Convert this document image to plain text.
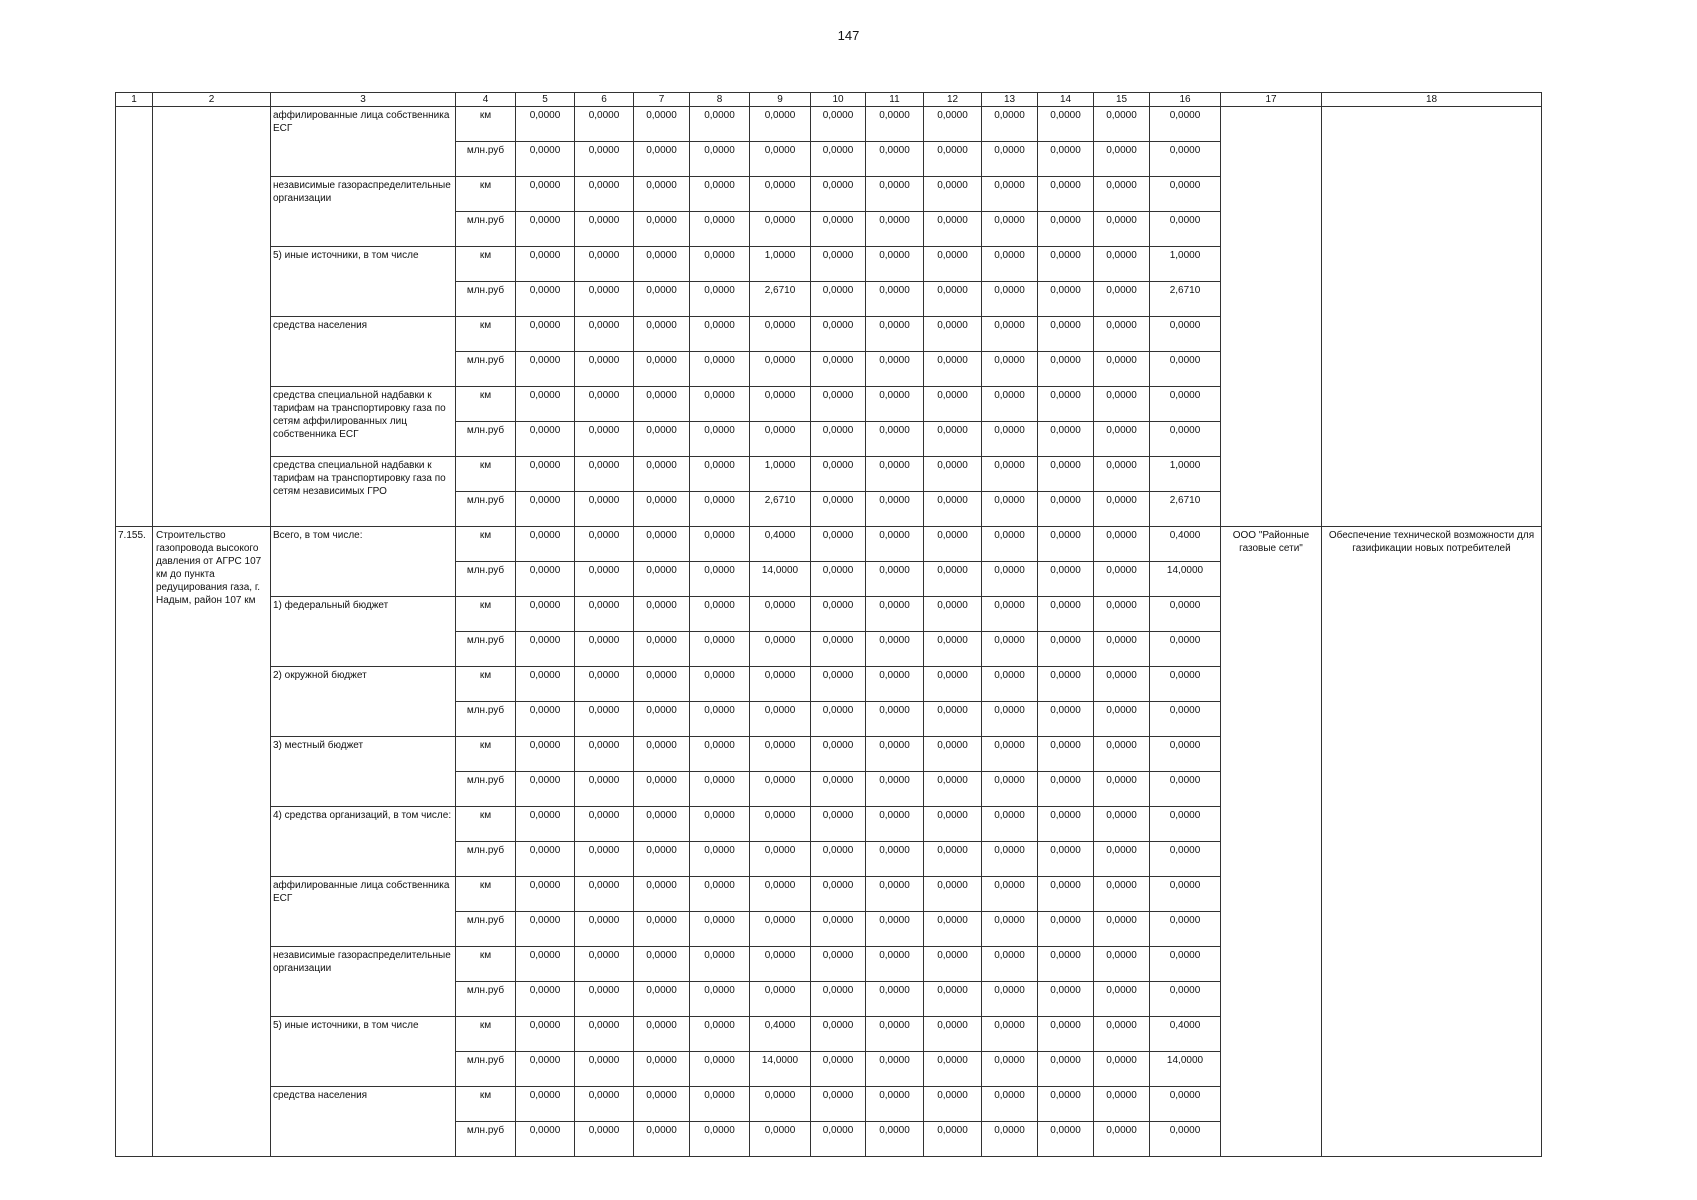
147
1	2	3	4	5	6	7	8	9	10	11	12	13	14	15	16	17	18
		аффилированные лица собственника ЕСГ	км	0,0000	0,0000	0,0000	0,0000	0,0000	0,0000	0,0000	0,0000	0,0000	0,0000	0,0000	0,0000		
			млн.руб	0,0000	0,0000	0,0000	0,0000	0,0000	0,0000	0,0000	0,0000	0,0000	0,0000	0,0000	0,0000		
		независимые газораспределительные организации	км	0,0000	0,0000	0,0000	0,0000	0,0000	0,0000	0,0000	0,0000	0,0000	0,0000	0,0000	0,0000		
			млн.руб	0,0000	0,0000	0,0000	0,0000	0,0000	0,0000	0,0000	0,0000	0,0000	0,0000	0,0000	0,0000		
		5) иные источники, в том числе	км	0,0000	0,0000	0,0000	0,0000	1,0000	0,0000	0,0000	0,0000	0,0000	0,0000	0,0000	1,0000		
			млн.руб	0,0000	0,0000	0,0000	0,0000	2,6710	0,0000	0,0000	0,0000	0,0000	0,0000	0,0000	2,6710		
		средства населения	км	0,0000	0,0000	0,0000	0,0000	0,0000	0,0000	0,0000	0,0000	0,0000	0,0000	0,0000	0,0000		
			млн.руб	0,0000	0,0000	0,0000	0,0000	0,0000	0,0000	0,0000	0,0000	0,0000	0,0000	0,0000	0,0000		
		средства специальной надбавки к тарифам на транспортировку газа по сетям аффилированных лиц собственника ЕСГ	км	0,0000	0,0000	0,0000	0,0000	0,0000	0,0000	0,0000	0,0000	0,0000	0,0000	0,0000	0,0000		
			млн.руб	0,0000	0,0000	0,0000	0,0000	0,0000	0,0000	0,0000	0,0000	0,0000	0,0000	0,0000	0,0000		
		средства специальной надбавки к тарифам на транспортировку газа по сетям независимых ГРО	км	0,0000	0,0000	0,0000	0,0000	1,0000	0,0000	0,0000	0,0000	0,0000	0,0000	0,0000	1,0000		
			млн.руб	0,0000	0,0000	0,0000	0,0000	2,6710	0,0000	0,0000	0,0000	0,0000	0,0000	0,0000	2,6710		
7.155.	Строительство газопровода высокого давления от АГРС 107 км до пункта редуцирования газа, г. Надым, район 107 км	Всего, в том числе:	км	0,0000	0,0000	0,0000	0,0000	0,4000	0,0000	0,0000	0,0000	0,0000	0,0000	0,0000	0,4000	ООО "Районные газовые сети"	Обеспечение технической возможности для газификации новых потребителей
			млн.руб	0,0000	0,0000	0,0000	0,0000	14,0000	0,0000	0,0000	0,0000	0,0000	0,0000	0,0000	14,0000		
		1) федеральный бюджет	км	0,0000	0,0000	0,0000	0,0000	0,0000	0,0000	0,0000	0,0000	0,0000	0,0000	0,0000	0,0000		
			млн.руб	0,0000	0,0000	0,0000	0,0000	0,0000	0,0000	0,0000	0,0000	0,0000	0,0000	0,0000	0,0000		
		2) окружной бюджет	км	0,0000	0,0000	0,0000	0,0000	0,0000	0,0000	0,0000	0,0000	0,0000	0,0000	0,0000	0,0000		
			млн.руб	0,0000	0,0000	0,0000	0,0000	0,0000	0,0000	0,0000	0,0000	0,0000	0,0000	0,0000	0,0000		
		3) местный бюджет	км	0,0000	0,0000	0,0000	0,0000	0,0000	0,0000	0,0000	0,0000	0,0000	0,0000	0,0000	0,0000		
			млн.руб	0,0000	0,0000	0,0000	0,0000	0,0000	0,0000	0,0000	0,0000	0,0000	0,0000	0,0000	0,0000		
		4) средства организаций, в том числе:	км	0,0000	0,0000	0,0000	0,0000	0,0000	0,0000	0,0000	0,0000	0,0000	0,0000	0,0000	0,0000		
			млн.руб	0,0000	0,0000	0,0000	0,0000	0,0000	0,0000	0,0000	0,0000	0,0000	0,0000	0,0000	0,0000		
		аффилированные лица собственника ЕСГ	км	0,0000	0,0000	0,0000	0,0000	0,0000	0,0000	0,0000	0,0000	0,0000	0,0000	0,0000	0,0000		
			млн.руб	0,0000	0,0000	0,0000	0,0000	0,0000	0,0000	0,0000	0,0000	0,0000	0,0000	0,0000	0,0000		
		независимые газораспределительные организации	км	0,0000	0,0000	0,0000	0,0000	0,0000	0,0000	0,0000	0,0000	0,0000	0,0000	0,0000	0,0000		
			млн.руб	0,0000	0,0000	0,0000	0,0000	0,0000	0,0000	0,0000	0,0000	0,0000	0,0000	0,0000	0,0000		
		5) иные источники, в том числе	км	0,0000	0,0000	0,0000	0,0000	0,4000	0,0000	0,0000	0,0000	0,0000	0,0000	0,0000	0,4000		
			млн.руб	0,0000	0,0000	0,0000	0,0000	14,0000	0,0000	0,0000	0,0000	0,0000	0,0000	0,0000	14,0000		
		средства населения	км	0,0000	0,0000	0,0000	0,0000	0,0000	0,0000	0,0000	0,0000	0,0000	0,0000	0,0000	0,0000		
			млн.руб	0,0000	0,0000	0,0000	0,0000	0,0000	0,0000	0,0000	0,0000	0,0000	0,0000	0,0000	0,0000		
